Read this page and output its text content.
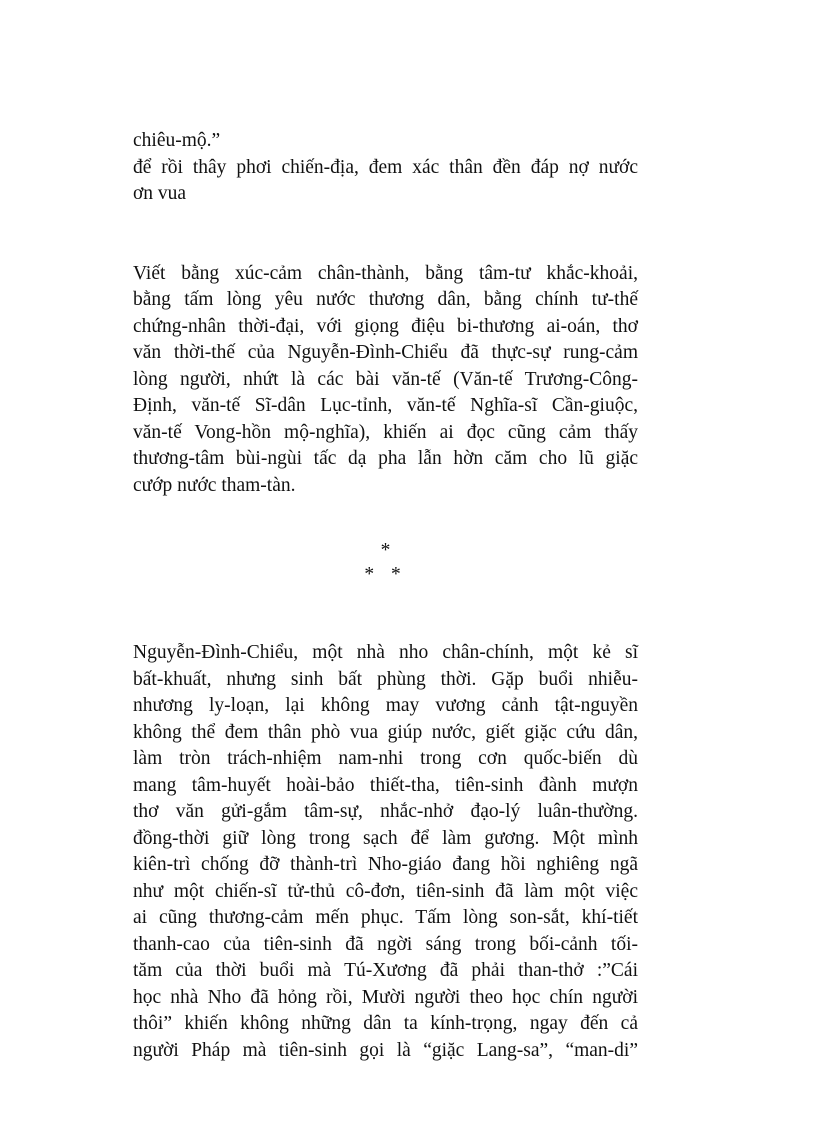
chiêu-mộ.”
để rồi thây phơi chiến-địa, đem xác thân đền đáp nợ nước
ơn vua
Viết bằng xúc-cảm chân-thành, bằng tâm-tư khắc-khoải,
bằng tấm lòng yêu nước thương dân, bằng chính tư-thế
chứng-nhân thời-đại, với giọng điệu bi-thương ai-oán, thơ
văn thời-thế của Nguyễn-Đình-Chiểu đã thực-sự rung-cảm
lòng người, nhứt là các bài văn-tế (Văn-tế Trương-Công-
Định, văn-tế Sĩ-dân Lục-tỉnh, văn-tế Nghĩa-sĩ Cần-giuộc,
văn-tế Vong-hồn mộ-nghĩa), khiến ai đọc cũng cảm thấy
thương-tâm bùi-ngùi tấc dạ pha lẫn hờn căm cho lũ giặc
cướp nước tham-tàn.
*
* *
Nguyễn-Đình-Chiểu, một nhà nho chân-chính, một kẻ sĩ
bất-khuất, nhưng sinh bất phùng thời. Gặp buổi nhiễu-
nhương ly-loạn, lại không may vương cảnh tật-nguyền
không thể đem thân phò vua giúp nước, giết giặc cứu dân,
làm tròn trách-nhiệm nam-nhi trong cơn quốc-biến dù
mang tâm-huyết hoài-bảo thiết-tha, tiên-sinh đành mượn
thơ văn gửi-gắm tâm-sự, nhắc-nhở đạo-lý luân-thường.
đồng-thời giữ lòng trong sạch để làm gương. Một mình
kiên-trì chống đỡ thành-trì Nho-giáo đang hồi nghiêng ngã
như một chiến-sĩ tử-thủ cô-đơn, tiên-sinh đã làm một việc
ai cũng thương-cảm mến phục. Tấm lòng son-sắt, khí-tiết
thanh-cao của tiên-sinh đã ngời sáng trong bối-cảnh tối-
tăm của thời buổi mà Tú-Xương đã phải than-thở :”Cái
học nhà Nho đã hỏng rồi, Mười người theo học chín người
thôi” khiến không những dân ta kính-trọng, ngay đến cả
người Pháp mà tiên-sinh gọi là “giặc Lang-sa”, “man-di”
